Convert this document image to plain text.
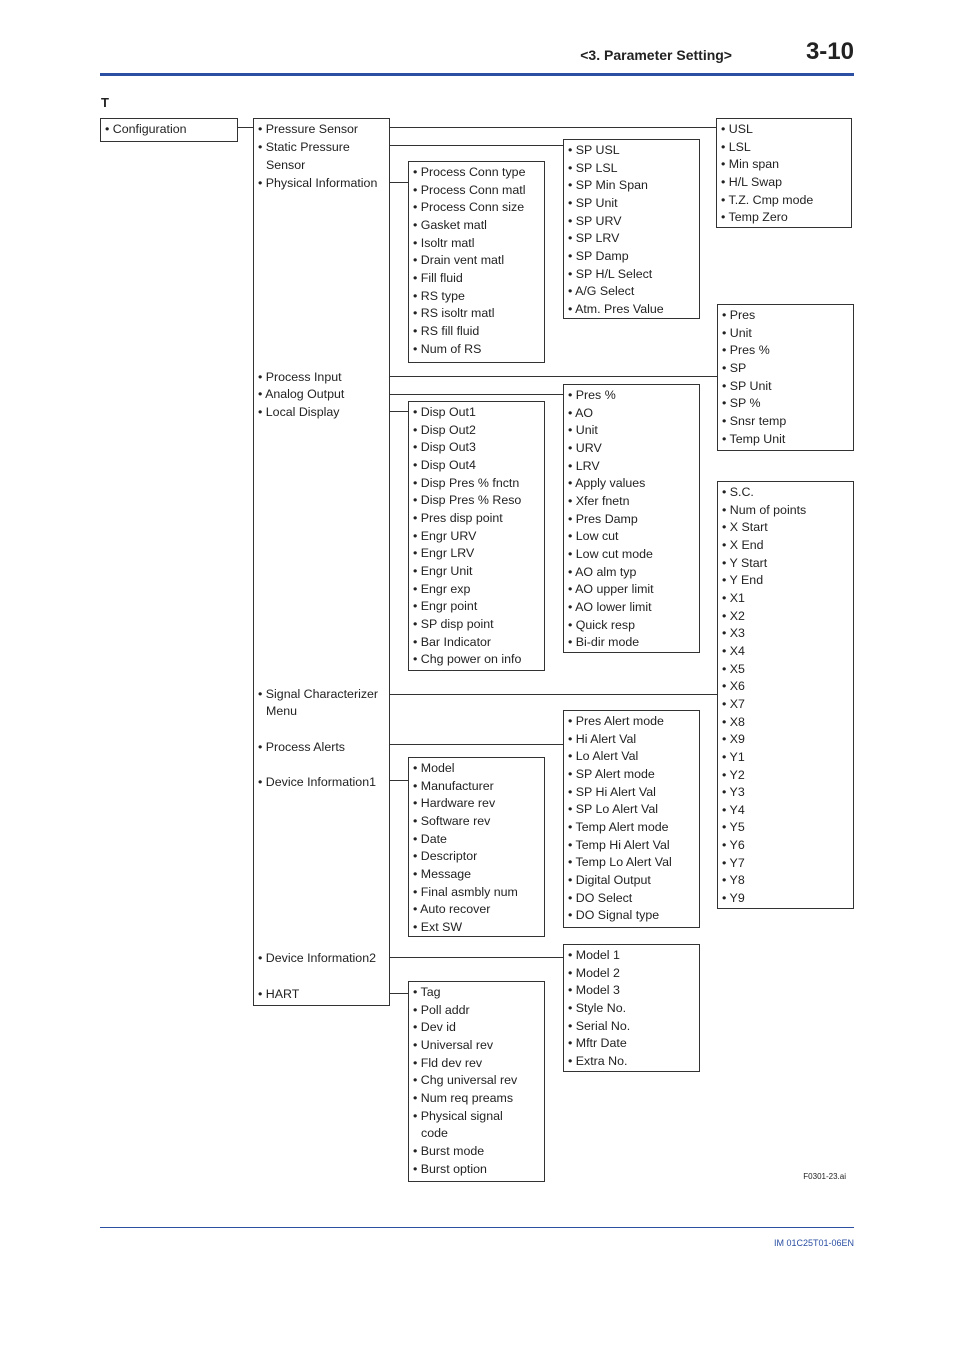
<3. Parameter Setting>	3-10
T
• Configuration	• Pressure Sensor
• Static Pressure
Sensor
• Physical Information
• Process Input
• Analog Output
• Local Display
• Signal Characterizer
Menu
• Process Alerts
• Device Information1
• Device Information2
• HART
• Process Conn type
• Process Conn matl
• Process Conn size
• Gasket matl
• Isoltr matl
• Drain vent matl
• Fill fluid
• RS type
• RS isoltr matl
• RS fill fluid
• Num of RS
• Disp Out1
• Disp Out2
• Disp Out3
• Disp Out4
• Disp Pres % fnctn
• Disp Pres % Reso
• Pres disp point
• Engr URV
• Engr LRV
• Engr Unit
• Engr exp
• Engr point
• SP disp point
• Bar Indicator
• Chg power on info
• Model
• Manufacturer
• Hardware rev
• Software rev
• Date
• Descriptor
• Message
• Final asmbly num
• Auto recover
• Ext SW
• Tag
• Poll addr
• Dev id
• Universal rev
• Fld dev rev
• Chg universal rev
• Num req preams
• Physical signal
code
• Burst mode
• Burst option
• SP USL
• SP LSL
• SP Min Span
• SP Unit
• SP URV
• SP LRV
• SP Damp
• SP H/L Select
• A/G Select
• Atm. Pres Value
• Pres %
• AO
• Unit
• URV
• LRV
• Apply values
• Xfer fnetn
• Pres Damp
• Low cut
• Low cut mode
• AO alm typ
• AO upper limit
• AO lower limit
• Quick resp
• Bi-dir mode
• Pres Alert mode
• Hi Alert Val
• Lo Alert Val
• SP Alert mode
• SP Hi Alert Val
• SP Lo Alert Val
• Temp Alert mode
• Temp Hi Alert Val
• Temp Lo Alert Val
• Digital Output
• DO Select
• DO Signal type
• Model 1
• Model 2
• Model 3
• Style No.
• Serial No.
• Mftr Date
• Extra No.
• USL
• LSL
• Min span
• H/L Swap
• T.Z. Cmp mode
• Temp Zero
• Pres
• Unit
• Pres %
• SP
• SP Unit
• SP %
• Snsr temp
• Temp Unit
• S.C.
• Num of points
• X Start
• X End
• Y Start
• Y End
• X1
• X2
• X3
• X4
• X5
• X6
• X7
• X8
• X9
• Y1
• Y2
• Y3
• Y4
• Y5
• Y6
• Y7
• Y8
• Y9
F0301-23.ai
IM 01C25T01-06EN
